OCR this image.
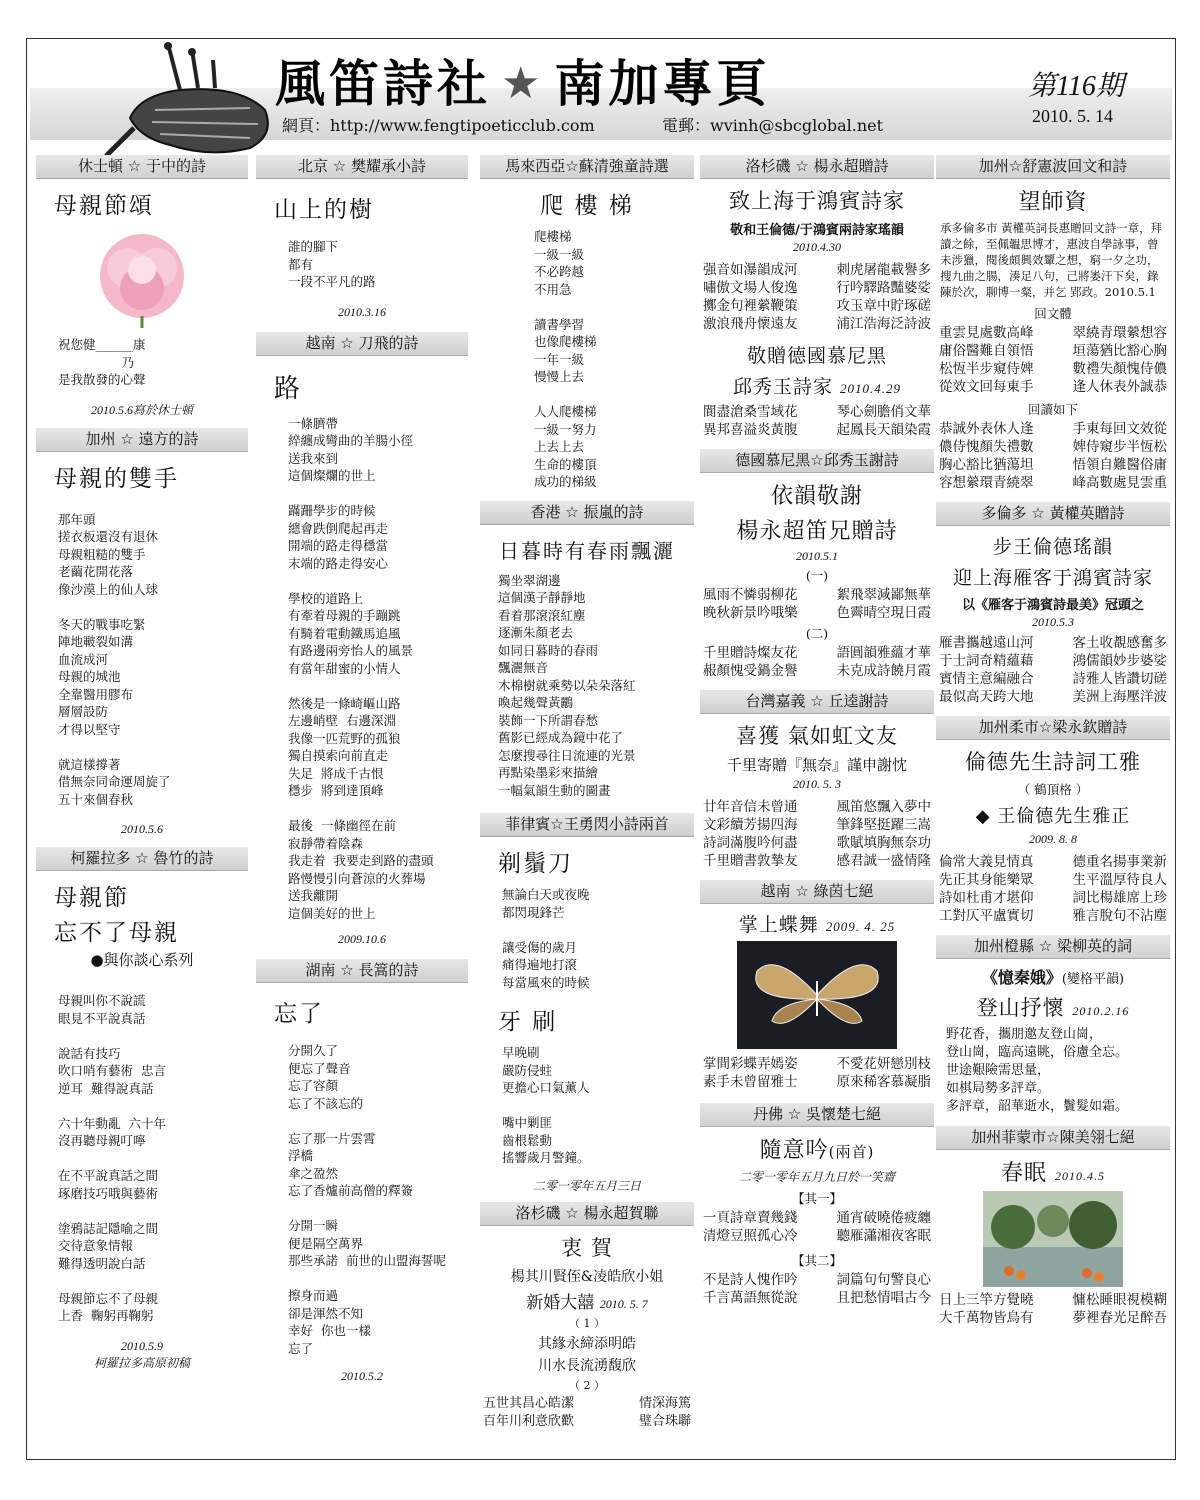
風笛詩社 ★ 南加專頁	第116期
2010. 5. 14
網頁：http://www.fengtipoeticclub.com	電郵：wvinh@sbcglobal.net
休士頓 ☆ 于中的詩
母親節頌
祝您健______康
乃
是我散發的心聲
2010.5.6寫於休士頓
加州 ☆ 遠方的詩
母親的雙手
那年頭
搓衣板還沒有退休
母親粗糙的雙手
老繭花開花落
像沙漠上的仙人球

冬天的戰事吃緊
陣地皸裂如溝
血流成河
母親的城池
全靠醫用膠布
層層設防
才得以堅守

就這樣撐著
借無奈同命運周旋了
五十來個春秋
2010.5.6
柯羅拉多 ☆ 魯竹的詩
母親節
忘不了母親
●與你談心系列
母親叫你不說謊
眼見不平說真話

說話有技巧
吹口哨有藝術  忠言
逆耳  難得說真話

六十年動亂  六十年
沒再聽母親叮嚀

在不平說真話之間
琢磨技巧哦與藝術

塗鴉誌記隱喻之間
交待意象情報
難得透明說白話

母親節忘不了母親
上香  鞠躬再鞠躬
2010.5.9
柯羅拉多高原初稿
北京 ☆ 樊耀承小詩
山上的樹
誰的腳下
都有
一段不平凡的路
2010.3.16
越南 ☆ 刀飛的詩
路
一條臍帶
綷纏成彎曲的羊腸小徑
送我來到
這個燦爛的世上

蹣跚學步的時候
總會跌倒爬起再走
開端的路走得穩當
末端的路走得安心

學校的道路上
有牽着母親的手蹦跳
有騎着電動鐵馬追風
有路邊兩旁怡人的風景
有當年甜蜜的小情人

然後是一條崎嶇山路
左邊峭壁  右邊深淵
我像一匹荒野的孤狼
獨自摸索向前直走
失足  將成千古恨
穩步  將到達頂峰

最後  一條幽徑在前
寂靜帶着陰森
我走着  我要走到路的盡頭
路慢慢引向蒼涼的火葬場
送我離開
這個美好的世上
2009.10.6
湖南 ☆ 長篙的詩
忘了
分開久了
便忘了聲音
忘了容顏
忘了不該忘的

忘了那一片雲霄
浮橋
傘之盈然
忘了香爐前高僧的釋簽

分開一瞬
便是隔空萬界
那些承諾  前世的山盟海誓呢

擦身而過
卻是渾然不知
幸好  你也一樣
忘了
2010.5.2
馬來西亞☆蘇清強童詩選
爬 樓 梯
爬樓梯
一級一級
不必跨越
不用急

讀書學習
也像爬樓梯
一年一級
慢慢上去

人人爬樓梯
一級一努力
上去上去
生命的樓頂
成功的梯級
香港 ☆ 振嵐的詩
日暮時有春雨飄灑
獨坐翠湖邊
這個漢子靜靜地
看着那滾滾紅塵
逐漸朱顏老去
如同日暮時的春雨
飄灑無音
木棉樹就乘勢以朵朵落紅
喚起幾聲黃鸝
裝飾一下所謂春愁
舊影已經成為鏡中花了
怎麼搜尋往日流連的光景
再點染墨彩來描繪
一幅氣韻生動的圖畫
菲律賓☆王勇閃小詩兩首
剃鬚刀
無論白天或夜晚
都閃現鋒芒

讓受傷的歲月
痛得遍地打滾
每當風來的時候
牙 刷
早晚刷
嚴防侵蛀
更擔心口氣薰人

嘴中剿匪
齒根鬆動
搖響歲月警鐘。
二零一零年五月三日
洛杉磯 ☆ 楊永超賀聯
衷 賀
楊其川賢侄&凌皓欣小姐
新婚大囍 2010. 5. 7
（ 1 ）
其緣永締添明皓
川水長流湧馥欣
（ 2 ）
五世其昌心皓潔	情深海篤
百年川利意欣歡	璧合珠聯
洛杉磯 ☆ 楊永超贈詩
致上海于鴻賓詩家
敬和王倫德/于鴻賓兩詩家瑤韻
2010.4.30
强音如瀑韻成河	刺虎屠龍載譽多
嘯傲文場人俊逸	行吟驛路豔婆娑
擲金句裡縈鞭策	攻玉章中貯琢磋
激浪飛舟懷遠友	浦江浩海泛詩波
敬贈德國慕尼黑
邱秀玉詩家 2010.4.29
閬盡滄桑雪域花	琴心劍膽俏文華
異邦喜溢炎黃腹	起鳳長天韻染霞
德國慕尼黑☆邱秀玉謝詩
依韻敬謝
楊永超笛兄贈詩
2010.5.1
(一)
風雨不憐弱柳花	絮飛翠減鄙無華
晚秋新景吟哦樂	色霽晴空現日霞
(二)
千里贈詩燦友花	語圓韻雅蘊才華
赧顏愧受鍋金譽	未克成詩饒月霞
台灣嘉義 ☆ 丘逵謝詩
喜獲 氣如虹文友
千里寄贈『無奈』謹申謝忱
2010. 5. 3
廿年音信未曾通	風笛悠飄入夢中
文彩續芳揚四海	筆鋒堅挺躍三嵩
詩詞滿腹吟何盡	歌賦填胸無奈功
千里贈書敦摯友	感君誠一盛情隆
越南 ☆ 綠茵七絕
掌上蝶舞 2009. 4. 25
掌間彩蝶弄嫣姿	不愛花妍戀別枝
素手未曾留雅士	原來稀客慕凝脂
丹佛 ☆ 吳懷楚七絕
隨意吟(兩首)
二零一零年五月九日於一笑齋
【其一】
一頁詩章賣幾錢	通宵破曉倦疲纏
清燈豆照孤心冷	聽雁瀟湘夜客眠
【其二】
不是詩人愧作吟	詞篇句句警良心
千言萬語無從說	且把愁情唱古今
加州☆舒憲波回文和詩
望師資
承多倫多市 黃權英詞長惠贈回文詩一章，拜讀之餘，至佩韞思博才，惠波自學詠事，曾未涉獵，閱後頗興效顰之想，窮一夕之功，搜九曲之腸，湊足八句，己將崣汗下矣，錄陳於次，聊博一粲，并乞 郢政。2010.5.1
回文體
重雲見處數高峰	翠繞青環縈想容
庸俗醫難自領悟	垣蕩猶比豁心胸
松恆半步窺侍婢	數禮失顏愧侍儂
從效文回每東手	逢人休表外誠恭
回讀如下
恭誠外表休人逢	手東每回文效從
儂侍愧顏失禮數	婢侍窺步半恆松
胸心豁比猶蕩坦	悟領自難醫俗庸
容想縈環青繞翠	峰高數處見雲重
多倫多 ☆ 黃權英贈詩
步王倫德瑤韻
迎上海雁客于鴻賓詩家
以《雁客于鴻賓詩最美》冠頭之
2010.5.3
雁書攜越遠山河	客土收覩感奮多
于士詞奇精蘊藉	鴻儒韻妙步婆娑
賓情主意編融合	詩雅人皆讚切磋
最似高天跨大地	美洲上海壓洋波
加州柔市☆梁永欽贈詩
倫德先生詩詞工雅
（ 鶴頂格 ）
◆ 王倫德先生雅正
2009. 8. 8
倫常大義見情真	德重名揚事業新
先正其身能樂眾	生平溫厚待良人
詩如杜甫才堪仰	詞比楊雄席上珍
工對仄平盧實切	雅言脫句不沾塵
加州橙縣 ☆ 梁柳英的詞
《憶秦娥》(變格平韻)
登山抒懷 2010.2.16
野花香，攜朋邀友登山崗，
登山崗，臨高遠眺，俗慮全忘。
世途艱險需思量，
如棋局勢多評章。
多評章，韶華逝水，鬢髮如霜。
加州菲蒙市☆陳美翎七絕
春眠 2010.4.5
日上三竿方覺曉	慵松睡眼視模糊
大千萬物皆烏有	夢裡春光足醉吾
